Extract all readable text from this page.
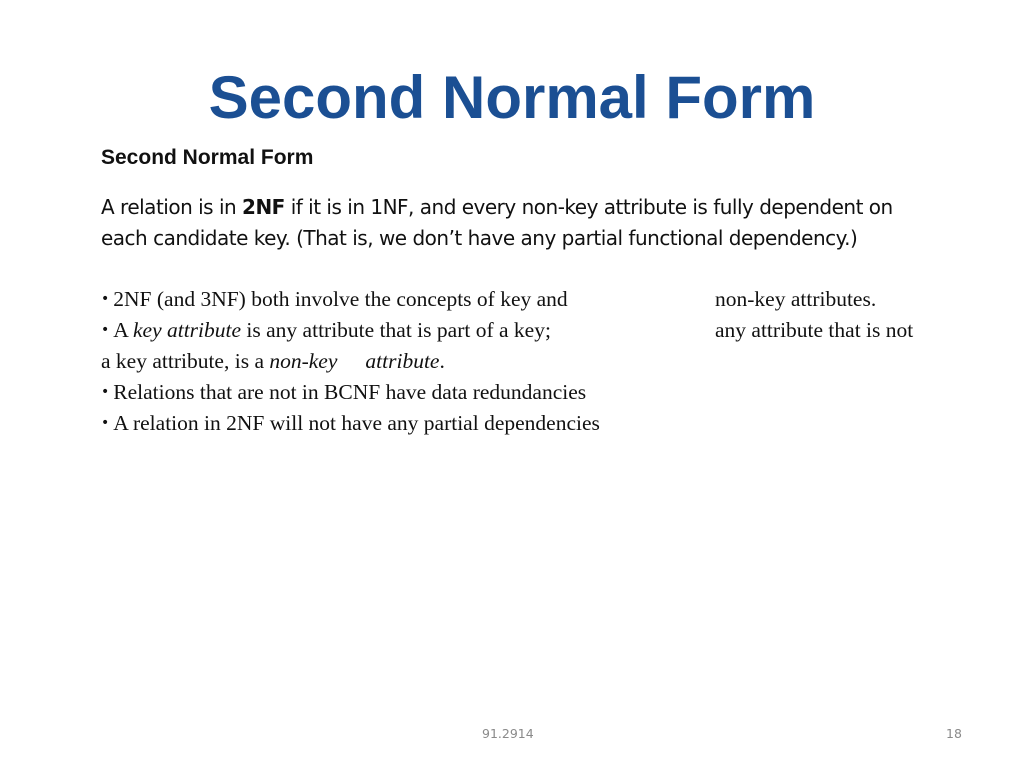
Second Normal Form
Second Normal Form

A relation is in 2NF if it is in 1NF, and every non-key attribute is fully dependent on
each candidate key. (That is, we don’t have any partial functional dependency.)

• 2NF (and 3NF) both involve the concepts of key and	non-key attributes.
• A key attribute is any attribute that is part of a key;	any attribute that is not
a key attribute, is a non-key attribute.
• Relations that are not in BCNF have data redundancies
• A relation in 2NF will not have any partial dependencies
91.2914	18
